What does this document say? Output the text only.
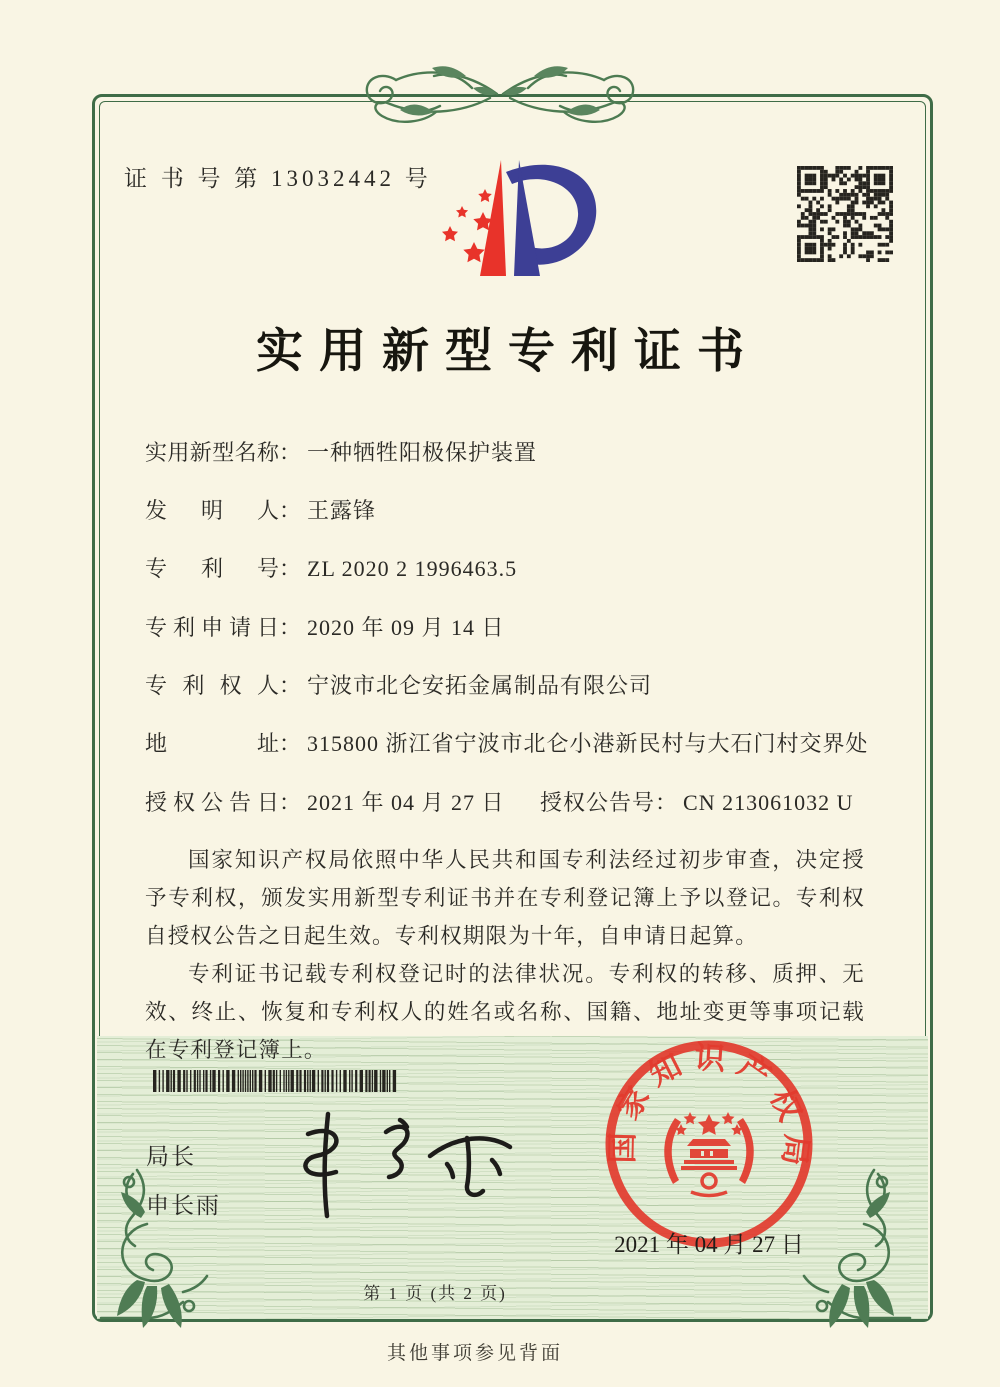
证 书 号 第 13032442 号
实用新型专利证书
实用新型名称： 一种牺牲阳极保护装置
发明人： 王露锋
专利号： ZL 2020 2 1996463.5
专利申请日： 2020 年 09 月 14 日
专利权人： 宁波市北仑安拓金属制品有限公司
地址： 315800 浙江省宁波市北仑小港新民村与大石门村交界处
授权公告日： 2021 年 04 月 27 日 授权公告号： CN 213061032 U

国家知识产权局依照中华人民共和国专利法经过初步审查，决定授予专利权，颁发实用新型专利证书并在专利登记簿上予以登记。专利权自授权公告之日起生效。专利权期限为十年，自申请日起算。

专利证书记载专利权登记时的法律状况。专利权的转移、质押、无效、终止、恢复和专利权人的姓名或名称、国籍、地址变更等事项记载在专利登记簿上。

局长
申长雨
国家知识产权局
2021 年 04 月 27 日
第 1 页 (共 2 页)
其他事项参见背面
